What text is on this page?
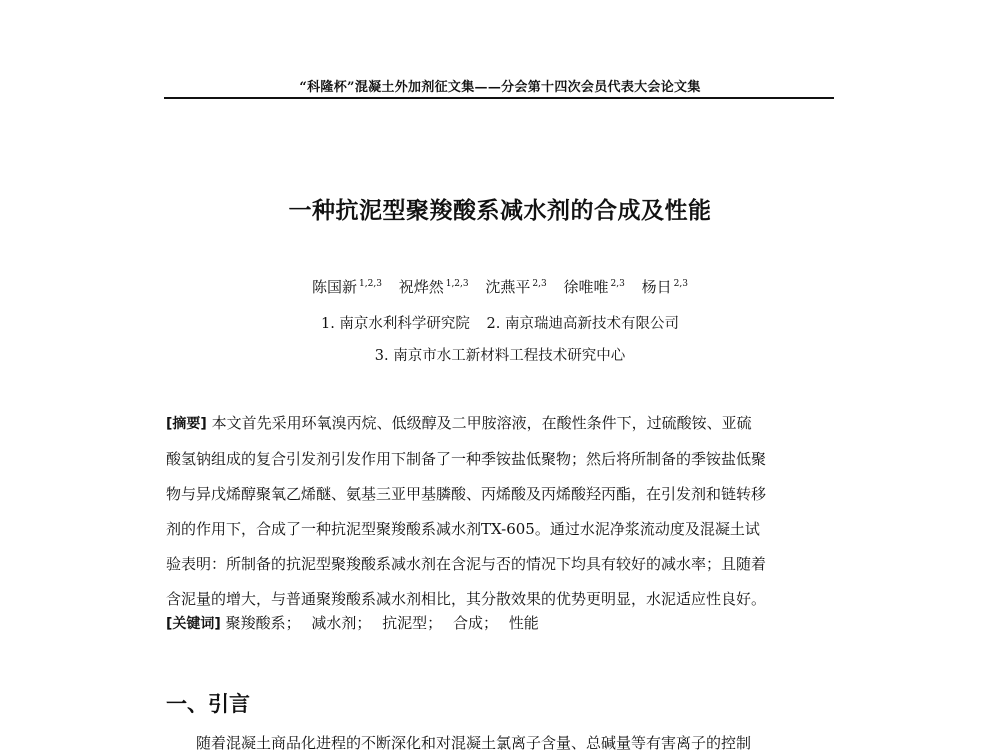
“科隆杯”混凝土外加剂征文集——分会第十四次会员代表大会论文集
一种抗泥型聚羧酸系减水剂的合成及性能
陈国新 $^{1,2,3}$ 祝烨然 $^{1,2,3}$ 沈燕平 $^{2,3}$ 徐唯唯 $^{2,3}$ 杨日 $^{2,3}$
1. 南京水利科学研究院 2. 南京瑞迪高新技术有限公司
3. 南京市水工新材料工程技术研究中心
[摘要] 本文首先采用环氧溴丙烷、低级醇及二甲胺溶液，在酸性条件下，过硫酸铵、亚硫
酸氢钠组成的复合引发剂引发作用下制备了一种季铵盐低聚物；然后将所制备的季铵盐低聚
物与异戊烯醇聚氧乙烯醚、氨基三亚甲基膦酸、丙烯酸及丙烯酸羟丙酯，在引发剂和链转移
剂的作用下，合成了一种抗泥型聚羧酸系减水剂TX-605。通过水泥净浆流动度及混凝土试
验表明：所制备的抗泥型聚羧酸系减水剂在含泥与否的情况下均具有较好的减水率；且随着
含泥量的增大，与普通聚羧酸系减水剂相比，其分散效果的优势更明显，水泥适应性良好。
[关键词] 聚羧酸系； 减水剂； 抗泥型； 合成； 性能
一、引言
随着混凝土商品化进程的不断深化和对混凝土氯离子含量、总碱量等有害离子的控制
